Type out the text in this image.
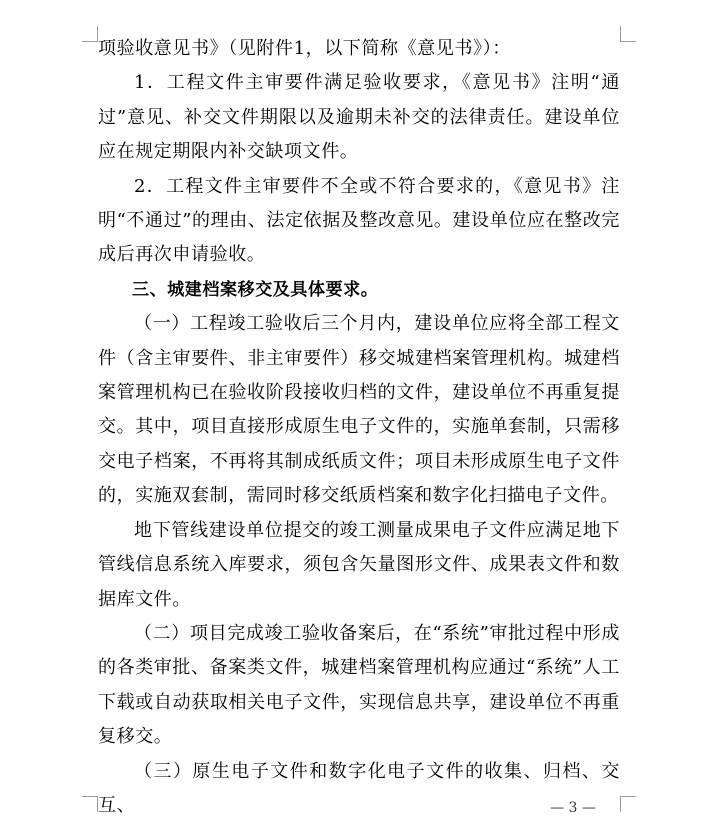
项验收意见书》（见附件1，以下简称《意见书》）：

1．工程文件主审要件满足验收要求，《意见书》注明“通过”意见、补交文件期限以及逾期未补交的法律责任。建设单位应在规定期限内补交缺项文件。

2．工程文件主审要件不全或不符合要求的，《意见书》注明“不通过”的理由、法定依据及整改意见。建设单位应在整改完成后再次申请验收。

三、城建档案移交及具体要求。

（一）工程竣工验收后三个月内，建设单位应将全部工程文件（含主审要件、非主审要件）移交城建档案管理机构。城建档案管理机构已在验收阶段接收归档的文件，建设单位不再重复提交。其中，项目直接形成原生电子文件的，实施单套制，只需移交电子档案，不再将其制成纸质文件；项目未形成原生电子文件的，实施双套制，需同时移交纸质档案和数字化扫描电子文件。

地下管线建设单位提交的竣工测量成果电子文件应满足地下管线信息系统入库要求，须包含矢量图形文件、成果表文件和数据库文件。

（二）项目完成竣工验收备案后，在“系统”审批过程中形成的各类审批、备案类文件，城建档案管理机构应通过“系统”人工下载或自动获取相关电子文件，实现信息共享，建设单位不再重复移交。

（三）原生电子文件和数字化电子文件的收集、归档、交互、	— 3 —
